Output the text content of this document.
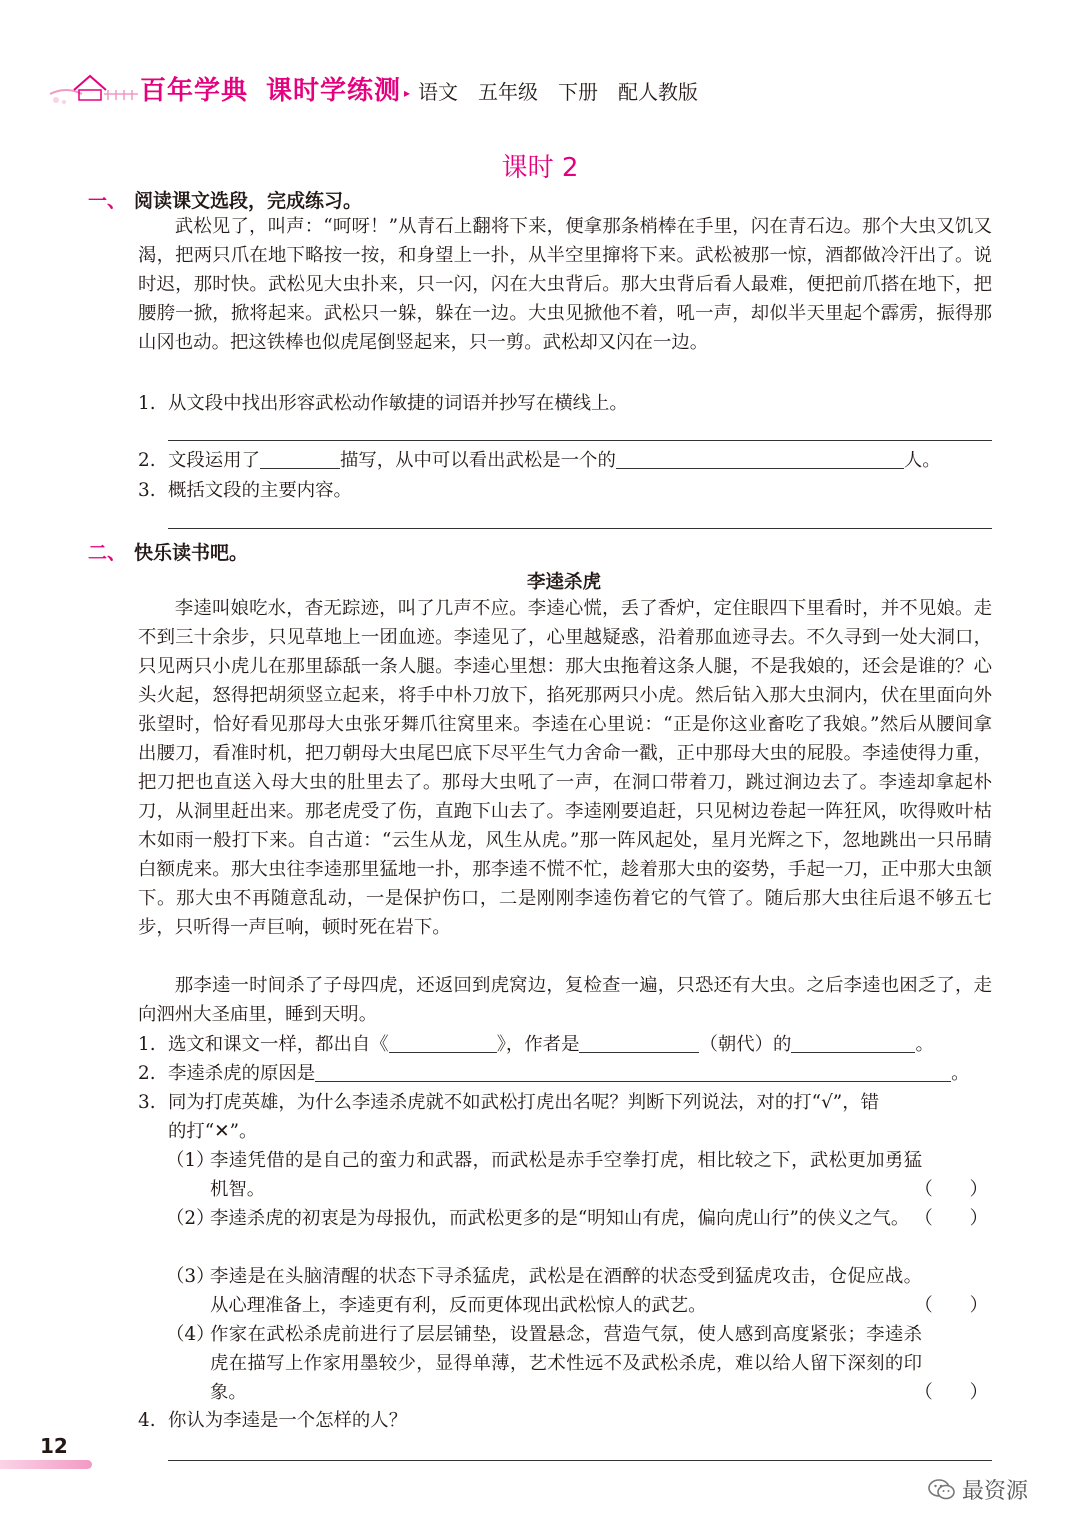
百年学典 课时学练测 ▸ 语文 五年级 下册 配人教版
课时 2
一、 阅读课文选段，完成练习。

武松见了，叫声：“呵呀！”从青石上翻将下来，便拿那条梢棒在手里，闪在青石边。那个大虫又饥又渴，把两只爪在地下略按一按，和身望上一扑，从半空里撺将下来。武松被那一惊，酒都做冷汗出了。说时迟，那时快。武松见大虫扑来，只一闪，闪在大虫背后。那大虫背后看人最难，便把前爪搭在地下，把腰胯一掀，掀将起来。武松只一躲，躲在一边。大虫见掀他不着，吼一声，却似半天里起个霹雳，振得那山冈也动。把这铁棒也似虎尾倒竖起来，只一剪。武松却又闪在一边。

1. 从文段中找出形容武松动作敏捷的词语并抄写在横线上。
2. 文段运用了	描写，从中可以看出武松是一个的	人。
3. 概括文段的主要内容。
二、 快乐读书吧。
李逵杀虎

李逵叫娘吃水，杳无踪迹，叫了几声不应。李逵心慌，丢了香炉，定住眼四下里看时，并不见娘。走不到三十余步，只见草地上一团血迹。李逵见了，心里越疑惑，沿着那血迹寻去。不久寻到一处大洞口，只见两只小虎儿在那里舔舐一条人腿。李逵心里想：那大虫拖着这条人腿，不是我娘的，还会是谁的？心头火起，怒得把胡须竖立起来，将手中朴刀放下，掐死那两只小虎。然后钻入那大虫洞内，伏在里面向外张望时，恰好看见那母大虫张牙舞爪往窝里来。李逵在心里说：“正是你这业畜吃了我娘。”然后从腰间拿出腰刀，看准时机，把刀朝母大虫尾巴底下尽平生气力舍命一戳，正中那母大虫的屁股。李逵使得力重，把刀把也直送入母大虫的肚里去了。那母大虫吼了一声，在洞口带着刀，跳过涧边去了。李逵却拿起朴刀，从洞里赶出来。那老虎受了伤，直跑下山去了。李逵刚要追赶，只见树边卷起一阵狂风，吹得败叶枯木如雨一般打下来。自古道：“云生从龙，风生从虎。”那一阵风起处，星月光辉之下，忽地跳出一只吊睛白额虎来。那大虫往李逵那里猛地一扑，那李逵不慌不忙，趁着那大虫的姿势，手起一刀，正中那大虫颔下。那大虫不再随意乱动，一是保护伤口，二是刚刚李逵伤着它的气管了。随后那大虫往后退不够五七步，只听得一声巨响，顿时死在岩下。

那李逵一时间杀了子母四虎，还返回到虎窝边，复检查一遍，只恐还有大虫。之后李逵也困乏了，走向泗州大圣庙里，睡到天明。

1. 选文和课文一样，都出自《	》，作者是	（朝代）的	。
2. 李逵杀虎的原因是	。
3. 同为打虎英雄，为什么李逵杀虎就不如武松打虎出名呢？判断下列说法，对的打“√”，错
的打“✕”。
（1）
李逵凭借的是自己的蛮力和武器，而武松是赤手空拳打虎，相比较之下，武松更加勇猛机智。	（　　）
（2）
李逵杀虎的初衷是为母报仇，而武松更多的是“明知山有虎，偏向虎山行”的侠义之气。 （　　）
（3）
李逵是在头脑清醒的状态下寻杀猛虎，武松是在酒醉的状态受到猛虎攻击，仓促应战。从心理准备上，李逵更有利，反而更体现出武松惊人的武艺。	（　　）
（4）
作家在武松杀虎前进行了层层铺垫，设置悬念，营造气氛，使人感到高度紧张；李逵杀虎在描写上作家用墨较少，显得单薄，艺术性远不及武松杀虎，难以给人留下深刻的印象。	（　　）
4. 你认为李逵是一个怎样的人？
12
最资源
